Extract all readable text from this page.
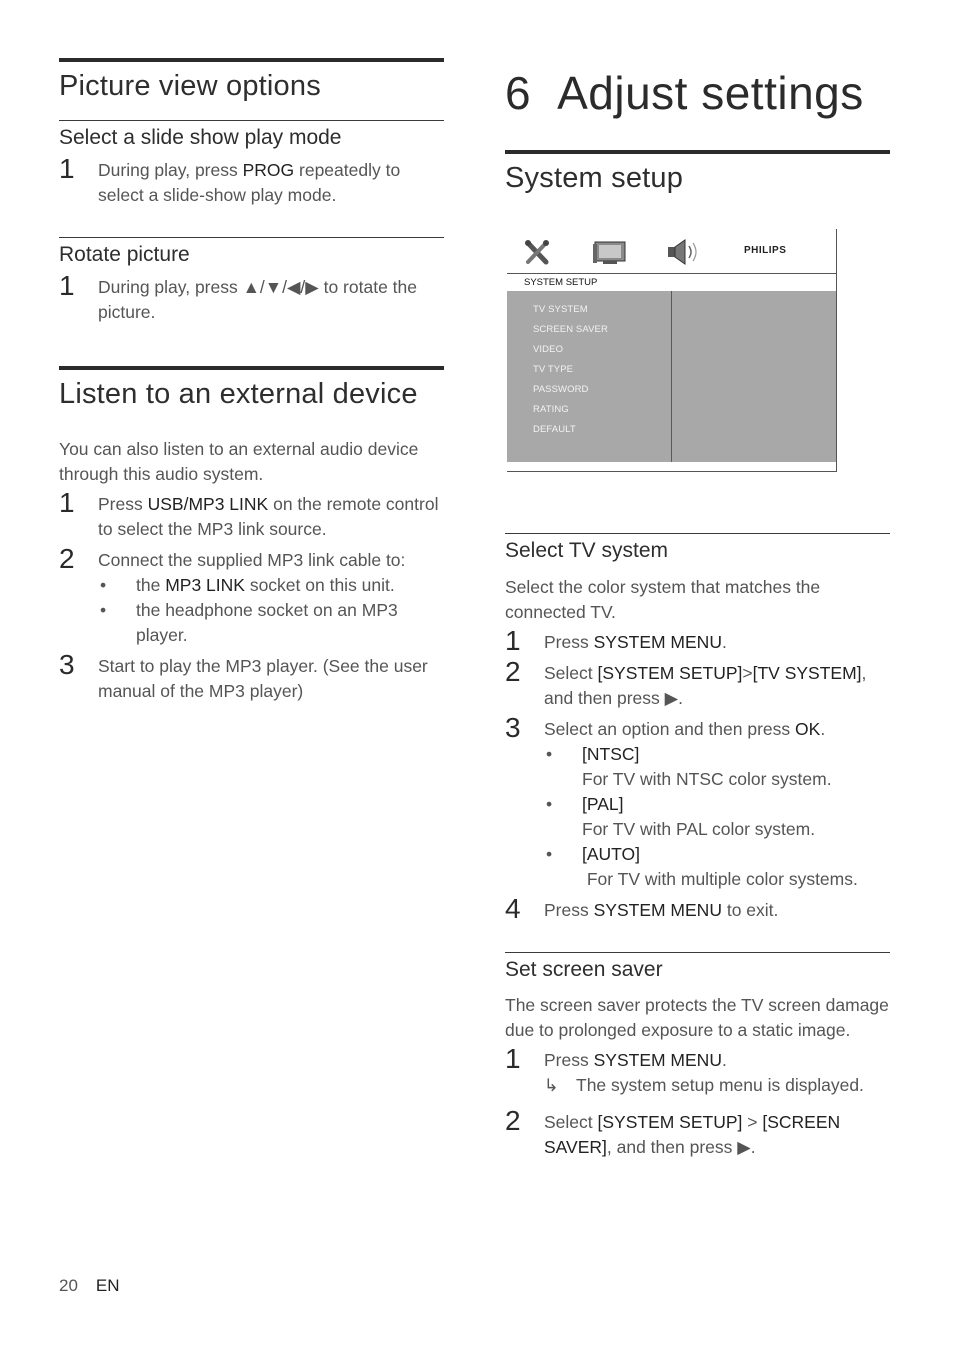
Picture view options
Select a slide show play mode
1 During play, press PROG repeatedly to select a slide-show play mode.
Rotate picture
1 During play, press ▲/▼/◀/▶ to rotate the picture.
Listen to an external device

You can also listen to an external audio device through this audio system.

1 Press USB/MP3 LINK on the remote control to select the MP3 link source.
2 Connect the supplied MP3 link cable to:
• the MP3 LINK socket on this unit.
• the headphone socket on an MP3 player.
3 Start to play the MP3 player. (See the user manual of the MP3 player)
6 Adjust settings
System setup
PHILIPS
SYSTEM SETUP
TV SYSTEM
SCREEN SAVER
VIDEO
TV TYPE
PASSWORD
RATING
DEFAULT
Select TV system

Select the color system that matches the connected TV.

1 Press SYSTEM MENU.
2 Select [SYSTEM SETUP]>[TV SYSTEM], and then press ▶.
3 Select an option and then press OK.
• [NTSC]
For TV with NTSC color system.
• [PAL]
For TV with PAL color system.
• [AUTO]
For TV with multiple color systems.
4 Press SYSTEM MENU to exit.
Set screen saver

The screen saver protects the TV screen damage due to prolonged exposure to a static image.

1 Press SYSTEM MENU.
↳ The system setup menu is displayed.
2 Select [SYSTEM SETUP] > [SCREEN SAVER], and then press ▶.
20 EN
